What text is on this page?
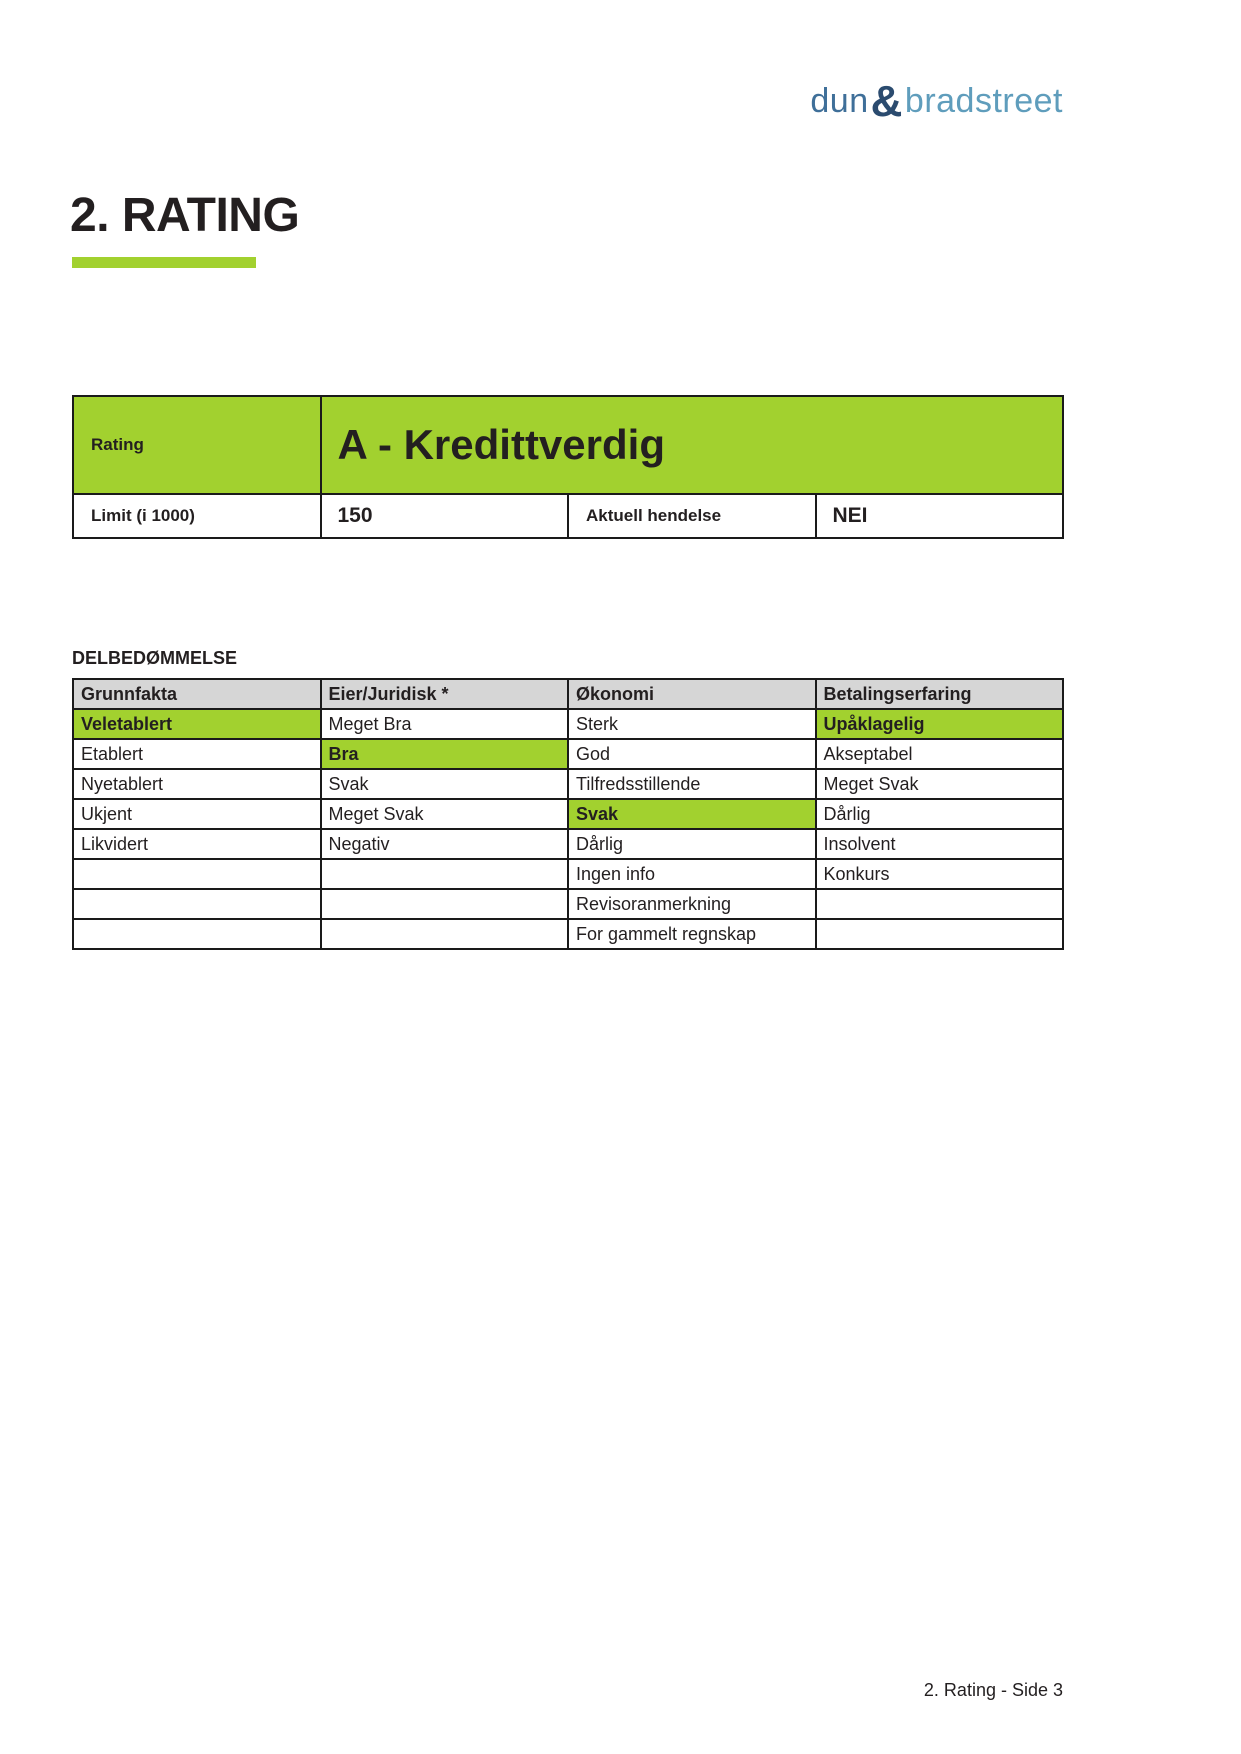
dun&bradstreet
2. RATING
Rating	A - Kredittverdig		
Limit (i 1000)	150	Aktuell hendelse	NEI
DELBEDØMMELSE
Grunnfakta	Eier/Juridisk *	Økonomi	Betalingserfaring
Veletablert	Meget Bra	Sterk	Upåklagelig
Etablert	Bra	God	Akseptabel
Nyetablert	Svak	Tilfredsstillende	Meget Svak
Ukjent	Meget Svak	Svak	Dårlig
Likvidert	Negativ	Dårlig	Insolvent
		Ingen info	Konkurs
		Revisoranmerkning	
		For gammelt regnskap	
2. Rating - Side 3
